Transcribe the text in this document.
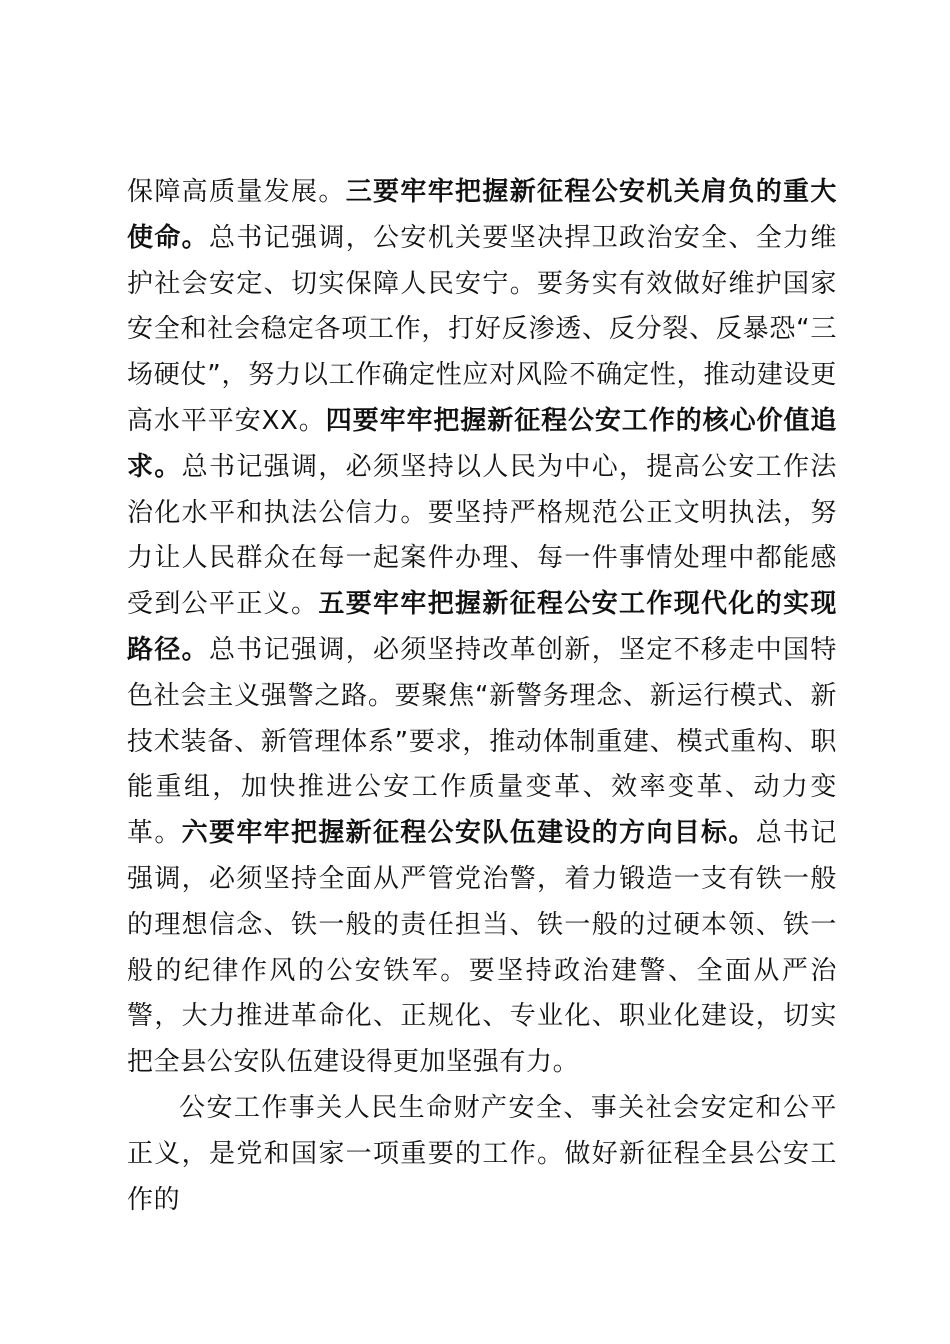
保障高质量发展。三要牢牢把握新征程公安机关肩负的重大使命。总书记强调，公安机关要坚决捍卫政治安全、全力维护社会安定、切实保障人民安宁。要务实有效做好维护国家安全和社会稳定各项工作，打好反渗透、反分裂、反暴恐“三场硬仗”，努力以工作确定性应对风险不确定性，推动建设更高水平平安XX。四要牢牢把握新征程公安工作的核心价值追求。总书记强调，必须坚持以人民为中心，提高公安工作法治化水平和执法公信力。要坚持严格规范公正文明执法，努力让人民群众在每一起案件办理、每一件事情处理中都能感受到公平正义。五要牢牢把握新征程公安工作现代化的实现路径。总书记强调，必须坚持改革创新，坚定不移走中国特色社会主义强警之路。要聚焦“新警务理念、新运行模式、新技术装备、新管理体系”要求，推动体制重建、模式重构、职能重组，加快推进公安工作质量变革、效率变革、动力变革。六要牢牢把握新征程公安队伍建设的方向目标。总书记强调，必须坚持全面从严管党治警，着力锻造一支有铁一般的理想信念、铁一般的责任担当、铁一般的过硬本领、铁一般的纪律作风的公安铁军。要坚持政治建警、全面从严治警，大力推进革命化、正规化、专业化、职业化建设，切实把全县公安队伍建设得更加坚强有力。

公安工作事关人民生命财产安全、事关社会安定和公平正义，是党和国家一项重要的工作。做好新征程全县公安工作的
